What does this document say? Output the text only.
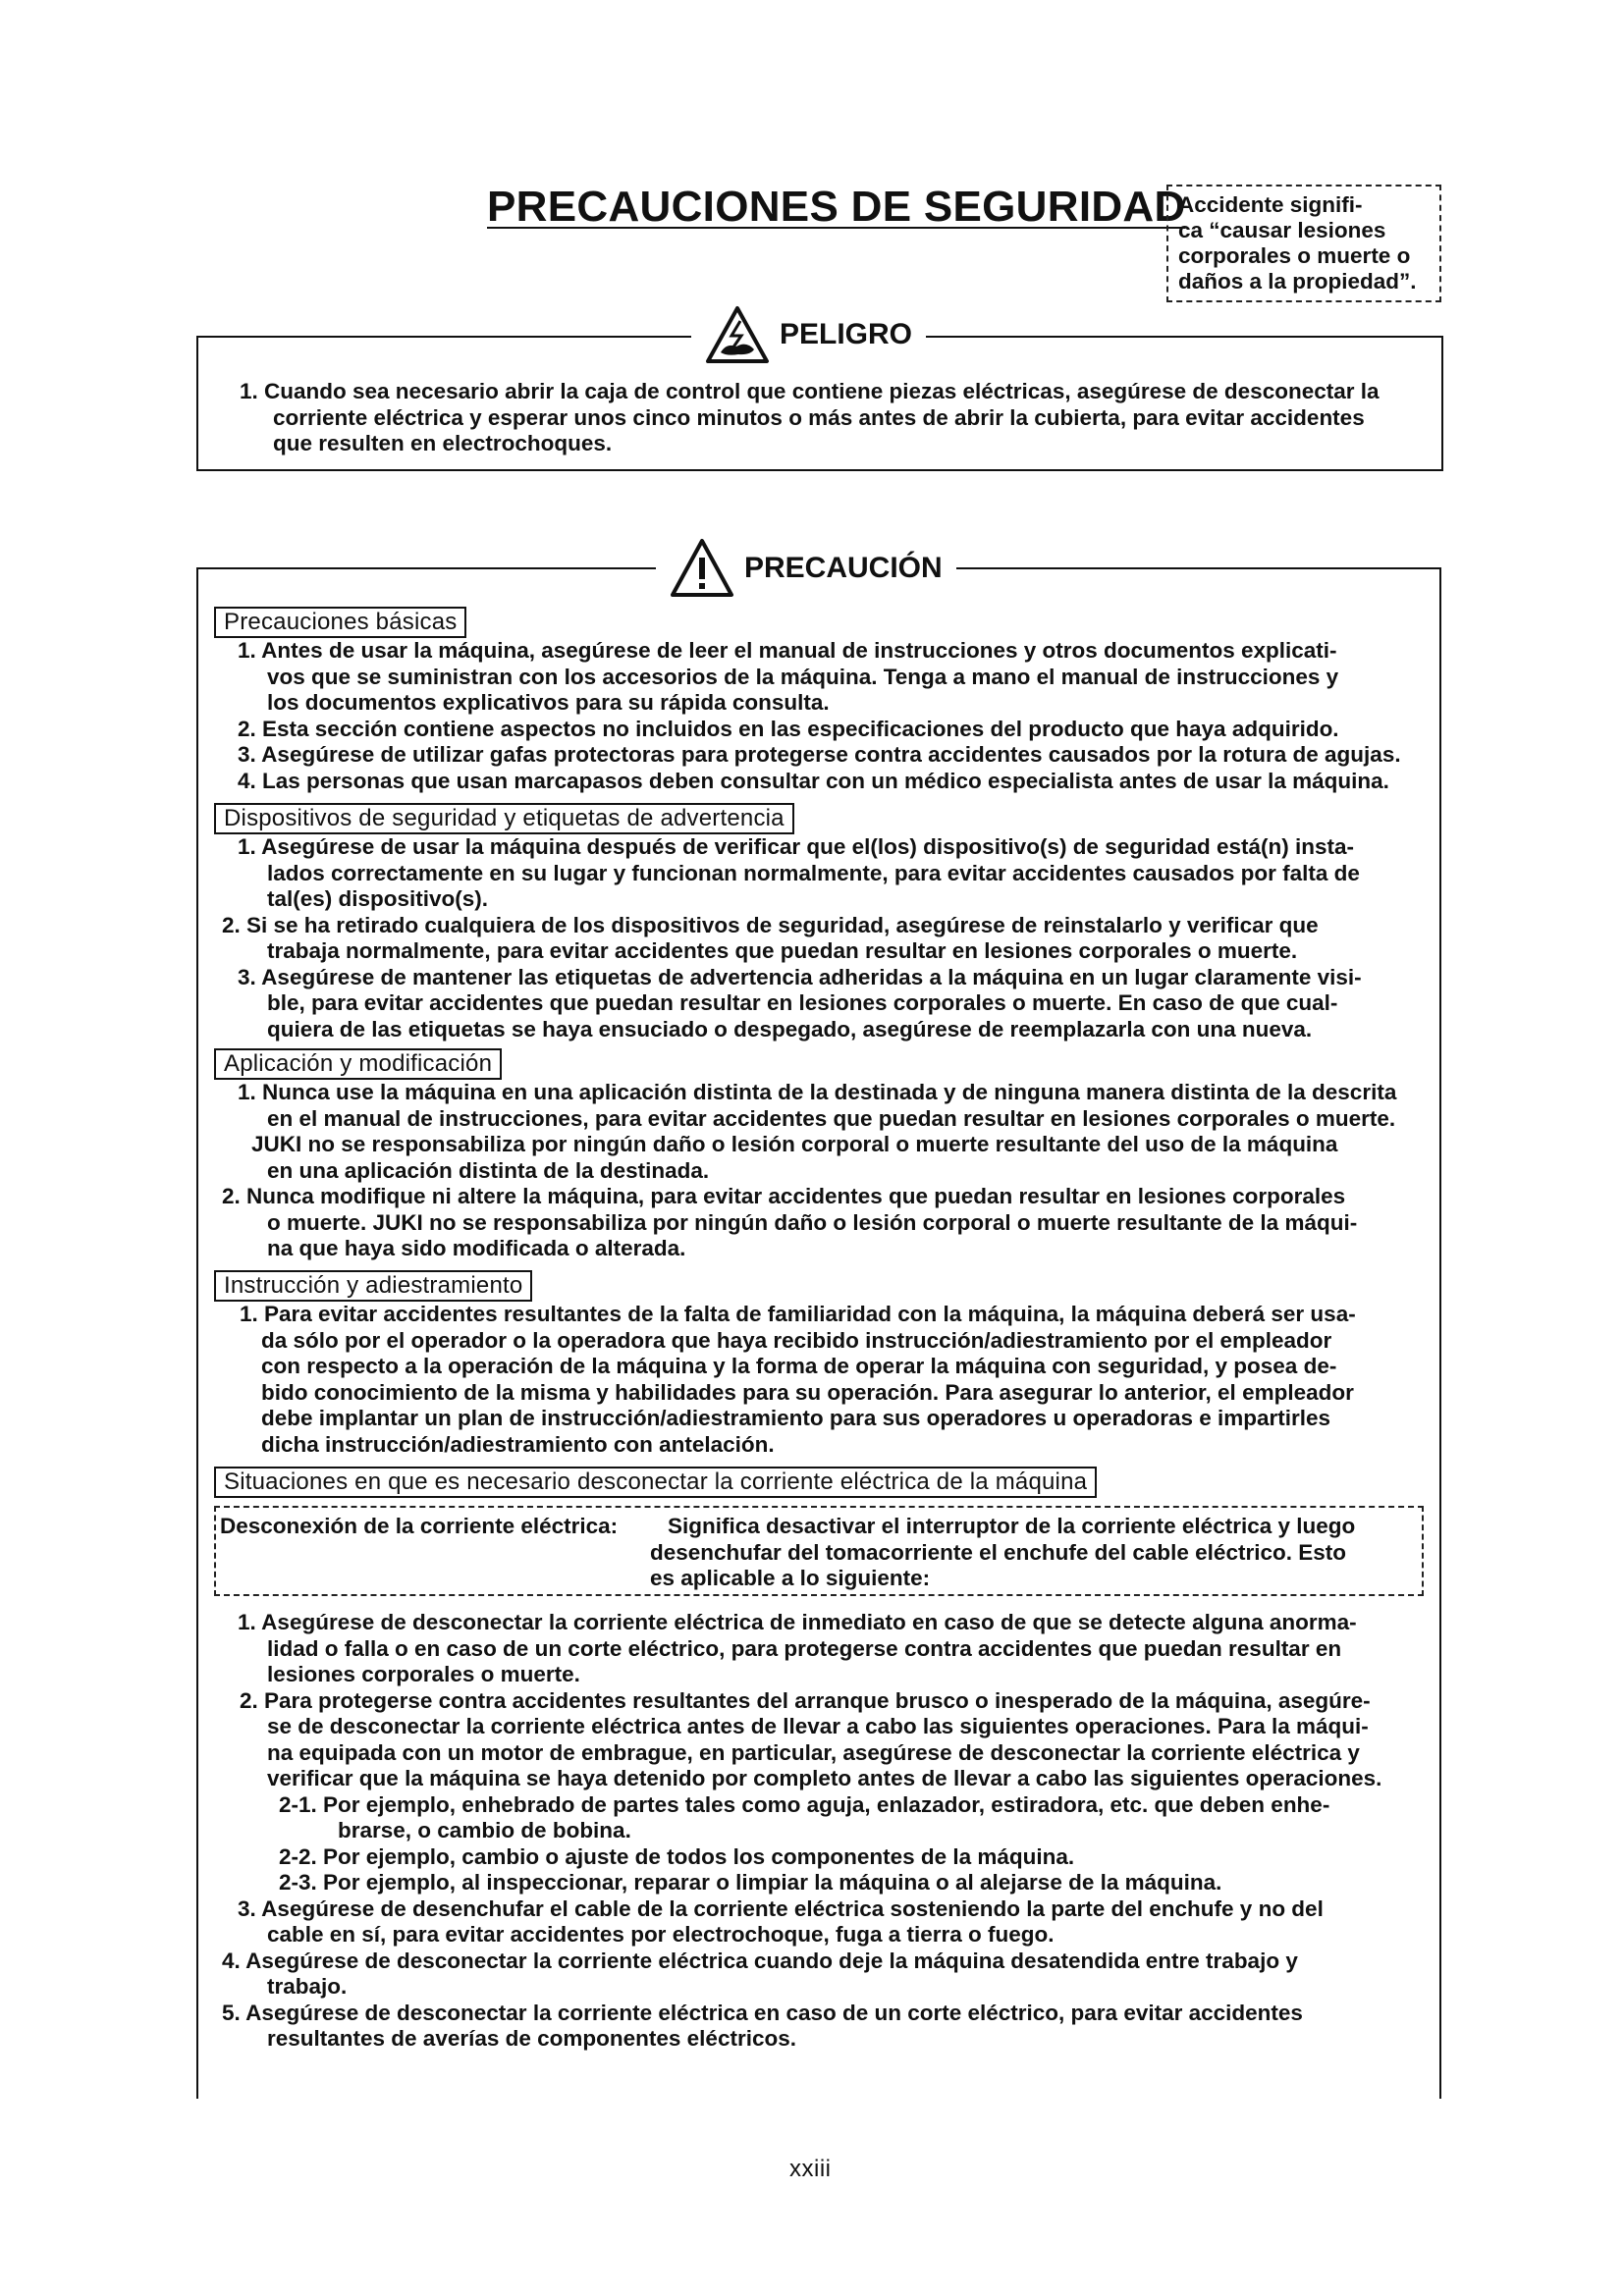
PRECAUCIONES DE SEGURIDAD
Accidente signifi-
ca “causar lesiones
corporales o muerte o
daños a la propiedad”.
PELIGRO
1. Cuando sea necesario abrir la caja de control que contiene piezas eléctricas, asegúrese de desconectar la
corriente eléctrica y esperar unos cinco minutos o más antes de abrir la cubierta, para evitar accidentes
que resulten en electrochoques.
PRECAUCIÓN
Precauciones básicas
1. Antes de usar la máquina, asegúrese de leer el manual de instrucciones y otros documentos explicati-
vos que se suministran con los accesorios de la máquina. Tenga a mano el manual de instrucciones y
los documentos explicativos para su rápida consulta.
2. Esta sección contiene aspectos no incluidos en las especificaciones del producto que haya adquirido.
3. Asegúrese de utilizar gafas protectoras para protegerse contra accidentes causados por la rotura de agujas.
4. Las personas que usan marcapasos deben consultar con un médico especialista antes de usar la máquina.
Dispositivos de seguridad y etiquetas de advertencia
1. Asegúrese de usar la máquina después de verificar que el(los) dispositivo(s) de seguridad está(n) insta-
lados correctamente en su lugar y funcionan normalmente, para evitar accidentes causados por falta de
tal(es) dispositivo(s).
2. Si se ha retirado cualquiera de los dispositivos de seguridad, asegúrese de reinstalarlo y verificar que
trabaja normalmente, para evitar accidentes que puedan resultar en lesiones corporales o muerte.
3. Asegúrese de mantener las etiquetas de advertencia adheridas a la máquina en un lugar claramente visi-
ble, para evitar accidentes que puedan resultar en lesiones corporales o muerte. En caso de que cual-
quiera de las etiquetas se haya ensuciado o despegado, asegúrese de reemplazarla con una nueva.
Aplicación y modificación
1. Nunca use la máquina en una aplicación distinta de la destinada y de ninguna manera distinta de la descrita
en el manual de instrucciones, para evitar accidentes que puedan resultar en lesiones corporales o muerte.
JUKI no se responsabiliza por ningún daño o lesión corporal o muerte resultante del uso de la máquina
en una aplicación distinta de la destinada.
2. Nunca modifique ni altere la máquina, para evitar accidentes que puedan resultar en lesiones corporales
o muerte. JUKI no se responsabiliza por ningún daño o lesión corporal o muerte resultante de la máqui-
na que haya sido modificada o alterada.
Instrucción y adiestramiento
1. Para evitar accidentes resultantes de la falta de familiaridad con la máquina, la máquina deberá ser usa-
da sólo por el operador o la operadora que haya recibido instrucción/adiestramiento por el empleador
con respecto a la operación de la máquina y la forma de operar la máquina con seguridad, y posea de-
bido conocimiento de la misma y habilidades para su operación. Para asegurar lo anterior, el empleador
debe implantar un plan de instrucción/adiestramiento para sus operadores u operadoras e impartirles
dicha instrucción/adiestramiento con antelación.
Situaciones en que es necesario desconectar la corriente eléctrica de la máquina
Desconexión de la corriente eléctrica:	Significa desactivar el interruptor de la corriente eléctrica y luego
desenchufar del tomacorriente el enchufe del cable eléctrico. Esto
es aplicable a lo siguiente:
1. Asegúrese de desconectar la corriente eléctrica de inmediato en caso de que se detecte alguna anorma-
lidad o falla o en caso de un corte eléctrico, para protegerse contra accidentes que puedan resultar en
lesiones corporales o muerte.
2. Para protegerse contra accidentes resultantes del arranque brusco o inesperado de la máquina, asegúre-
se de desconectar la corriente eléctrica antes de llevar a cabo las siguientes operaciones. Para la máqui-
na equipada con un motor de embrague, en particular, asegúrese de desconectar la corriente eléctrica y
verificar que la máquina se haya detenido por completo antes de llevar a cabo las siguientes operaciones.
2-1. Por ejemplo, enhebrado de partes tales como aguja, enlazador, estiradora, etc. que deben enhe-
brarse, o cambio de bobina.
2-2. Por ejemplo, cambio o ajuste de todos los componentes de la máquina.
2-3. Por ejemplo, al inspeccionar, reparar o limpiar la máquina o al alejarse de la máquina.
3. Asegúrese de desenchufar el cable de la corriente eléctrica sosteniendo la parte del enchufe y no del
cable en sí, para evitar accidentes por electrochoque, fuga a tierra o fuego.
4. Asegúrese de desconectar la corriente eléctrica cuando deje la máquina desatendida entre trabajo y
trabajo.
5. Asegúrese de desconectar la corriente eléctrica en caso de un corte eléctrico, para evitar accidentes
resultantes de averías de componentes eléctricos.
xxiii
